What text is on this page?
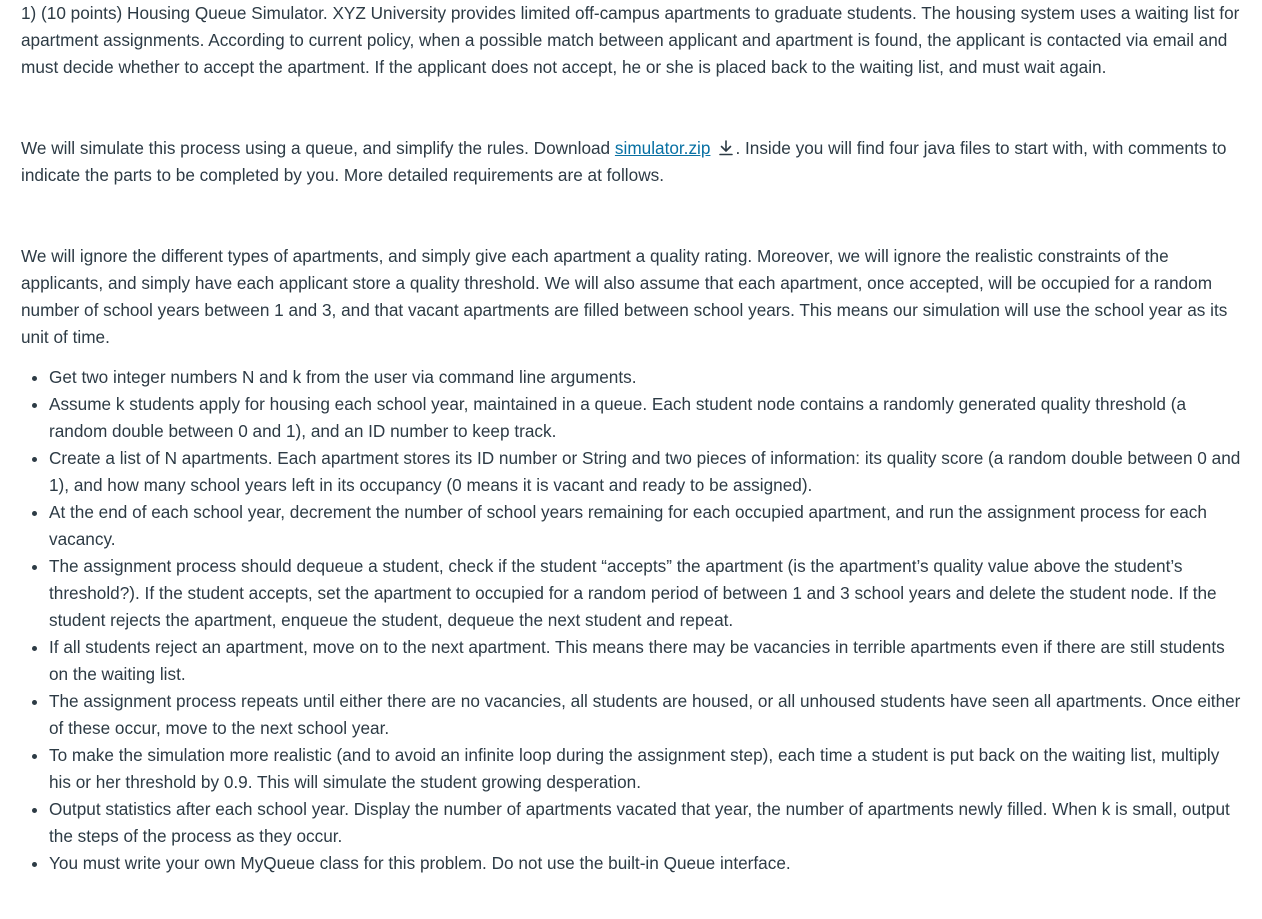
1) (10 points) Housing Queue Simulator. XYZ University provides limited off-campus apartments to graduate students. The housing system uses a waiting list for apartment assignments. According to current policy, when a possible match between applicant and apartment is found, the applicant is contacted via email and must decide whether to accept the apartment. If the applicant does not accept, he or she is placed back to the waiting list, and must wait again.

We will simulate this process using a queue, and simplify the rules. Download simulator.zip . Inside you will find four java files to start with, with comments to indicate the parts to be completed by you. More detailed requirements are at follows.

We will ignore the different types of apartments, and simply give each apartment a quality rating. Moreover, we will ignore the realistic constraints of the applicants, and simply have each applicant store a quality threshold. We will also assume that each apartment, once accepted, will be occupied for a random number of school years between 1 and 3, and that vacant apartments are filled between school years. This means our simulation will use the school year as its unit of time.

• Get two integer numbers N and k from the user via command line arguments.
• Assume k students apply for housing each school year, maintained in a queue. Each student node contains a randomly generated quality threshold (a random double between 0 and 1), and an ID number to keep track.
• Create a list of N apartments. Each apartment stores its ID number or String and two pieces of information: its quality score (a random double between 0 and 1), and how many school years left in its occupancy (0 means it is vacant and ready to be assigned).
• At the end of each school year, decrement the number of school years remaining for each occupied apartment, and run the assignment process for each vacancy.
• The assignment process should dequeue a student, check if the student “accepts” the apartment (is the apartment’s quality value above the student’s threshold?). If the student accepts, set the apartment to occupied for a random period of between 1 and 3 school years and delete the student node. If the student rejects the apartment, enqueue the student, dequeue the next student and repeat.
• If all students reject an apartment, move on to the next apartment. This means there may be vacancies in terrible apartments even if there are still students on the waiting list.
• The assignment process repeats until either there are no vacancies, all students are housed, or all unhoused students have seen all apartments. Once either of these occur, move to the next school year.
• To make the simulation more realistic (and to avoid an infinite loop during the assignment step), each time a student is put back on the waiting list, multiply his or her threshold by 0.9. This will simulate the student growing desperation.
• Output statistics after each school year. Display the number of apartments vacated that year, the number of apartments newly filled. When k is small, output the steps of the process as they occur.
• You must write your own MyQueue class for this problem. Do not use the built-in Queue interface.
